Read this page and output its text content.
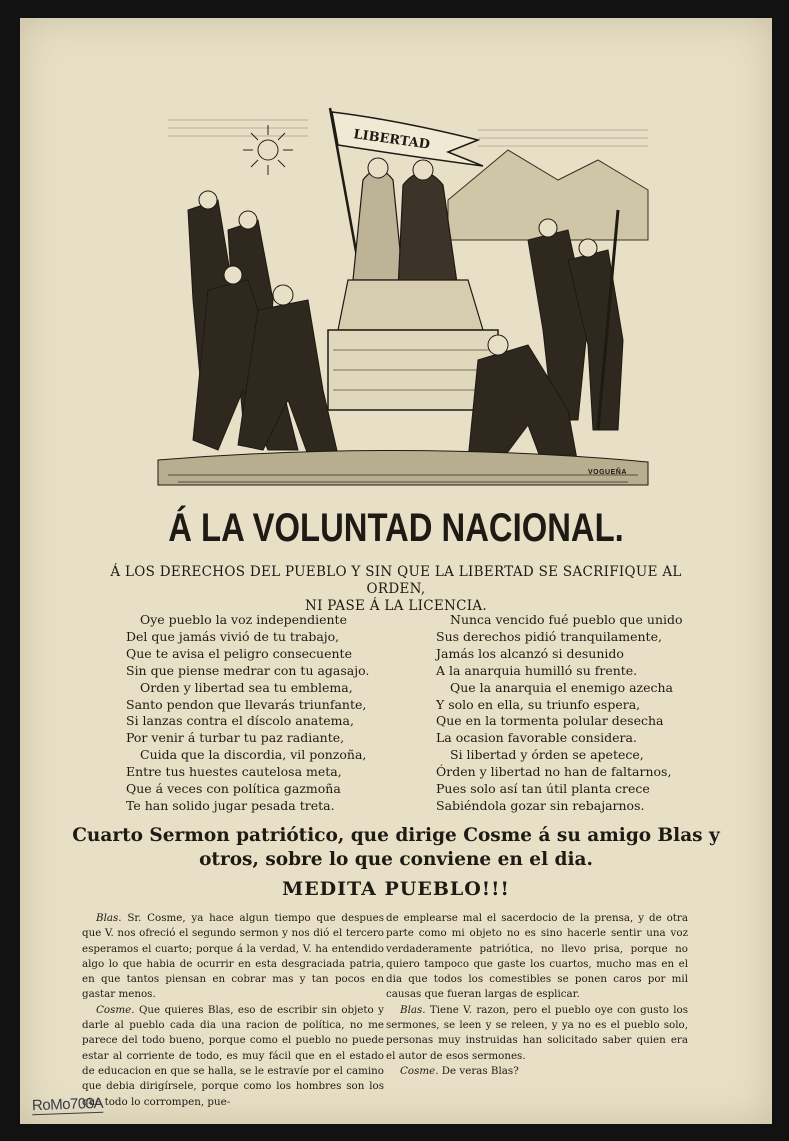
LIBERTAD
VOGUEÑA
Á LA VOLUNTAD NACIONAL.
Á LOS DERECHOS DEL PUEBLO Y SIN QUE LA LIBERTAD SE SACRIFIQUE AL ORDEN,
NI PASE Á LA LICENCIA.
Oye pueblo la voz independiente
Del que jamás vivió de tu trabajo,
Que te avisa el peligro consecuente
Sin que piense medrar con tu agasajo.
Orden y libertad sea tu emblema,
Santo pendon que llevarás triunfante,
Si lanzas contra el díscolo anatema,
Por venir á turbar tu paz radiante,
Cuida que la discordia, vil ponzoña,
Entre tus huestes cautelosa meta,
Que á veces con política gazmoña
Te han solido jugar pesada treta.
Nunca vencido fué pueblo que unido
Sus derechos pidió tranquilamente,
Jamás los alcanzó si desunido
A la anarquia humilló su frente.
Que la anarquia el enemigo azecha
Y solo en ella, su triunfo espera,
Que en la tormenta polular desecha
La ocasion favorable considera.
Si libertad y órden se apetece,
Órden y libertad no han de faltarnos,
Pues solo así tan útil planta crece
Sabiéndola gozar sin rebajarnos.
Cuarto Sermon patriótico, que dirige Cosme á su amigo Blas y
otros, sobre lo que conviene en el dia.
MEDITA PUEBLO!!!

Blas. Sr. Cosme, ya hace algun tiempo que despues que V. nos ofreció el segundo sermon y nos dió el tercero esperamos el cuarto; porque á la verdad, V. ha entendido algo lo que habia de ocurrir en esta desgraciada patria, en que tantos piensan en cobrar mas y tan pocos en gastar menos.

Cosme. Que quieres Blas, eso de escribir sin objeto y darle al pueblo cada dia una racion de política, no me parece del todo bueno, porque como el pueblo no puede estar al corriente de todo, es muy fácil que en el estado de educacion en que se halla, se le estravíe por el camino que debia dirigírsele, porque como los hombres son los que todo lo corrompen, pue-

de emplearse mal el sacerdocio de la prensa, y de otra parte como mi objeto no es sino hacerle sentir una voz verdaderamente patriótica, no llevo prisa, porque no quiero tampoco que gaste los cuartos, mucho mas en el dia que todos los comestibles se ponen caros por mil causas que fueran largas de esplicar.

Blas. Tiene V. razon, pero el pueblo oye con gusto los sermones, se leen y se releen, y ya no es el pueblo solo, personas muy instruidas han solicitado saber quien era el autor de esos sermones.

Cosme. De veras Blas?

RoMo703A
